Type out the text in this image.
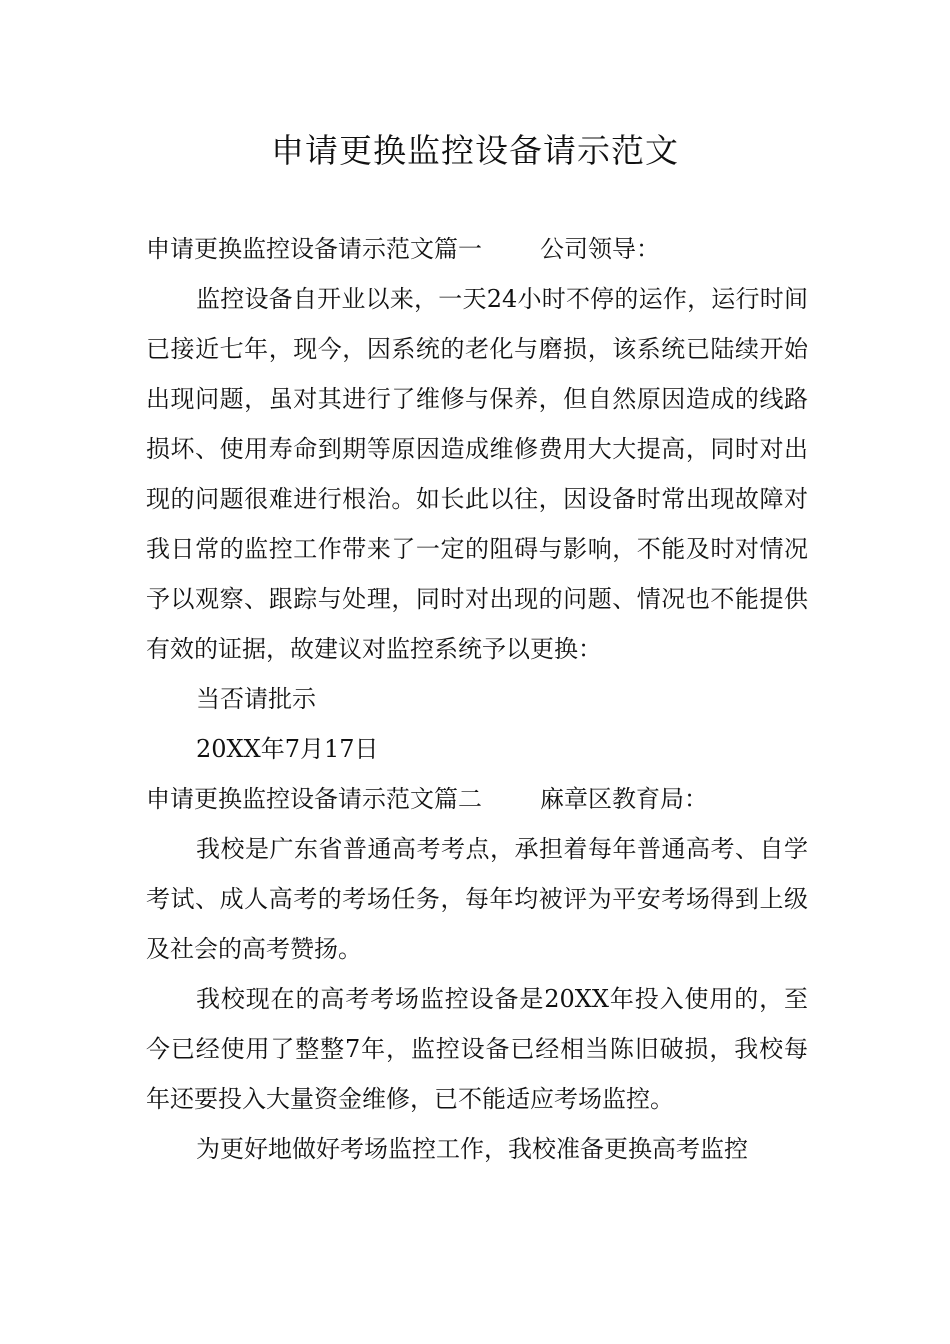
申请更换监控设备请示范文

申请更换监控设备请示范文篇一 公司领导：

监控设备自开业以来，一天24小时不停的运作，运行时间已接近七年，现今，因系统的老化与磨损，该系统已陆续开始出现问题，虽对其进行了维修与保养，但自然原因造成的线路损坏、使用寿命到期等原因造成维修费用大大提高，同时对出现的问题很难进行根治。如长此以往，因设备时常出现故障对我日常的监控工作带来了一定的阻碍与影响，不能及时对情况予以观察、跟踪与处理，同时对出现的问题、情况也不能提供有效的证据，故建议对监控系统予以更换：

当否请批示

20XX年7月17日

申请更换监控设备请示范文篇二 麻章区教育局：

我校是广东省普通高考考点，承担着每年普通高考、自学考试、成人高考的考场任务，每年均被评为平安考场得到上级及社会的高考赞扬。

我校现在的高考考场监控设备是20XX年投入使用的，至今已经使用了整整7年，监控设备已经相当陈旧破损，我校每年还要投入大量资金维修，已不能适应考场监控。

为更好地做好考场监控工作，我校准备更换高考监控
